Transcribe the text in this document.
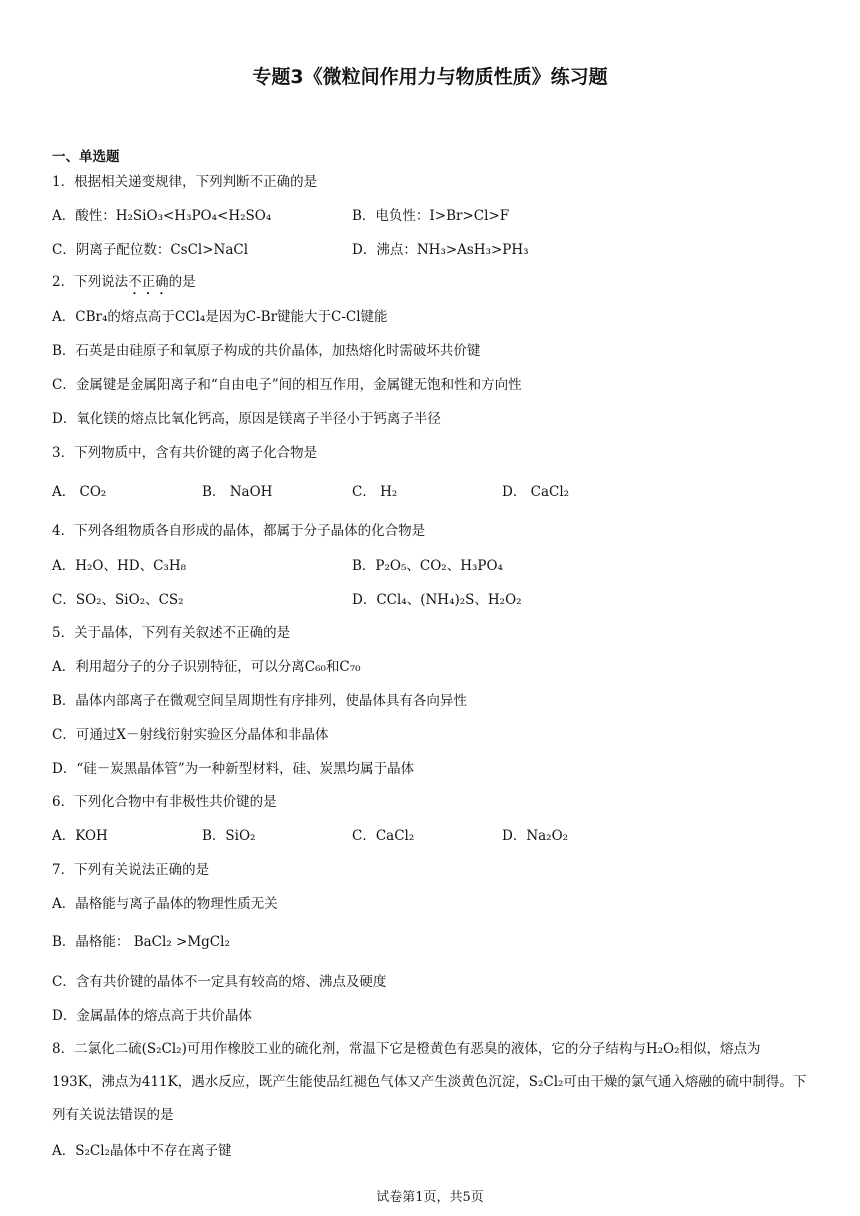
专题3《微粒间作用力与物质性质》练习题
一、单选题
1．根据相关递变规律，下列判断不正确的是
A．酸性：H₂SiO₃<H₃PO₄<H₂SO₄	B．电负性：I>Br>Cl>F
C．阴离子配位数：CsCl>NaCl	D．沸点：NH₃>AsH₃>PH₃
2．下列说法不正确的是
A．CBr₄的熔点高于CCl₄是因为C-Br键能大于C-Cl键能
B．石英是由硅原子和氧原子构成的共价晶体，加热熔化时需破坏共价键
C．金属键是金属阳离子和“自由电子”间的相互作用，金属键无饱和性和方向性
D．氧化镁的熔点比氧化钙高，原因是镁离子半径小于钙离子半径
3．下列物质中，含有共价键的离子化合物是
A． CO₂	B． NaOH	C． H₂	D． CaCl₂
4．下列各组物质各自形成的晶体，都属于分子晶体的化合物是
A．H₂O、HD、C₃H₈	B．P₂O₅、CO₂、H₃PO₄
C．SO₂、SiO₂、CS₂	D．CCl₄、(NH₄)₂S、H₂O₂
5．关于晶体，下列有关叙述不正确的是
A．利用超分子的分子识别特征，可以分离C₆₀和C₇₀
B．晶体内部离子在微观空间呈周期性有序排列，使晶体具有各向异性
C．可通过X－射线衍射实验区分晶体和非晶体
D．“硅－炭黑晶体管”为一种新型材料，硅、炭黑均属于晶体
6．下列化合物中有非极性共价键的是
A．KOH	B．SiO₂	C．CaCl₂	D．Na₂O₂
7．下列有关说法正确的是
A．晶格能与离子晶体的物理性质无关
B．晶格能： BaCl₂ >MgCl₂
C．含有共价键的晶体不一定具有较高的熔、沸点及硬度
D．金属晶体的熔点高于共价晶体
8．二氯化二硫(S₂Cl₂)可用作橡胶工业的硫化剂，常温下它是橙黄色有恶臭的液体，它的分子结构与H₂O₂相似，熔点为193K，沸点为411K，遇水反应，既产生能使品红褪色气体又产生淡黄色沉淀，S₂Cl₂可由干燥的氯气通入熔融的硫中制得。下列有关说法错误的是
A．S₂Cl₂晶体中不存在离子键
试卷第1页，共5页
